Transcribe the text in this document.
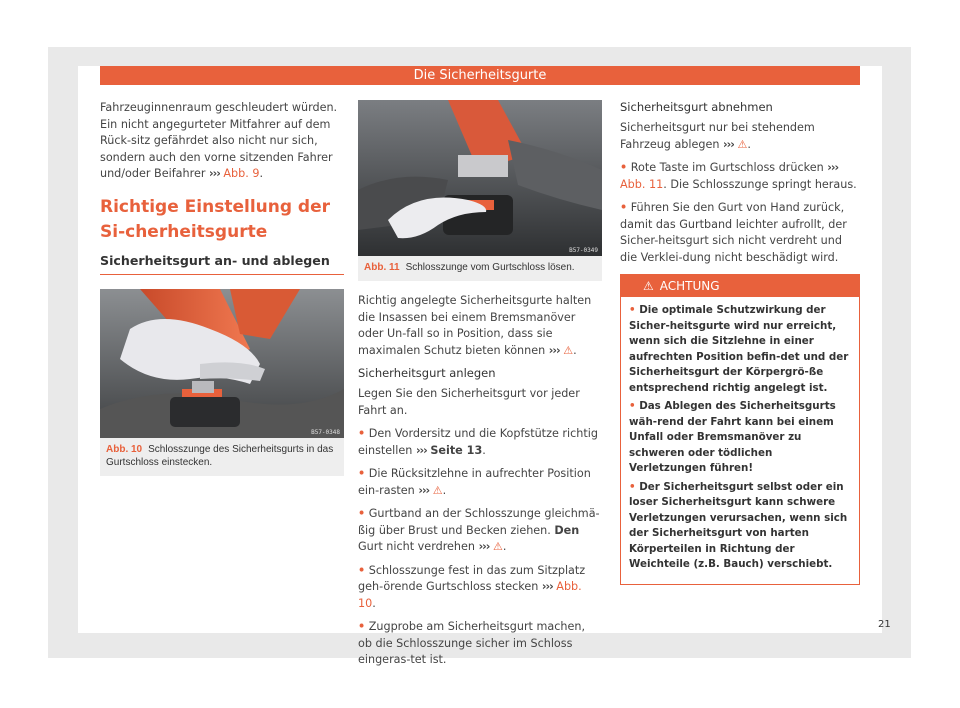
Die Sicherheitsgurte

Fahrzeuginnenraum geschleudert würden. Ein nicht angegurteter Mitfahrer auf dem Rück-sitz gefährdet also nicht nur sich, sondern auch den vorne sitzenden Fahrer und/oder Beifahrer ››› Abb. 9.

Richtige Einstellung der Si-cherheitsgurte
Sicherheitsgurt an- und ablegen
B57-0348
Abb. 10 Schlosszunge des Sicherheitsgurts in das Gurtschloss einstecken.
B57-0349
Abb. 11 Schlosszunge vom Gurtschloss lösen.

Richtig angelegte Sicherheitsgurte halten die Insassen bei einem Bremsmanöver oder Un-fall so in Position, dass sie maximalen Schutz bieten können ››› ⚠.

Sicherheitsgurt anlegen

Legen Sie den Sicherheitsgurt vor jeder Fahrt an.

• Den Vordersitz und die Kopfstütze richtig einstellen ››› Seite 13.

• Die Rücksitzlehne in aufrechter Position ein-rasten ››› ⚠.

• Gurtband an der Schlosszunge gleichmä-ßig über Brust und Becken ziehen. Den Gurt nicht verdrehen ››› ⚠.

• Schlosszunge fest in das zum Sitzplatz geh-örende Gurtschloss stecken ››› Abb. 10.

• Zugprobe am Sicherheitsgurt machen, ob die Schlosszunge sicher im Schloss eingeras-tet ist.

Sicherheitsgurt abnehmen

Sicherheitsgurt nur bei stehendem Fahrzeug ablegen ››› ⚠.

• Rote Taste im Gurtschloss drücken ››› Abb. 11. Die Schlosszunge springt heraus.

• Führen Sie den Gurt von Hand zurück, damit das Gurtband leichter aufrollt, der Sicher-heitsgurt sich nicht verdreht und die Verklei-dung nicht beschädigt wird.

⚠ ACHTUNG

• Die optimale Schutzwirkung der Sicher-heitsgurte wird nur erreicht, wenn sich die Sitzlehne in einer aufrechten Position befin-det und der Sicherheitsgurt der Körpergrö-ße entsprechend richtig angelegt ist.

• Das Ablegen des Sicherheitsgurts wäh-rend der Fahrt kann bei einem Unfall oder Bremsmanöver zu schweren oder tödlichen Verletzungen führen!

• Der Sicherheitsgurt selbst oder ein loser Sicherheitsgurt kann schwere Verletzungen verursachen, wenn sich der Sicherheitsgurt von harten Körperteilen in Richtung der Weichteile (z.B. Bauch) verschiebt.

21
